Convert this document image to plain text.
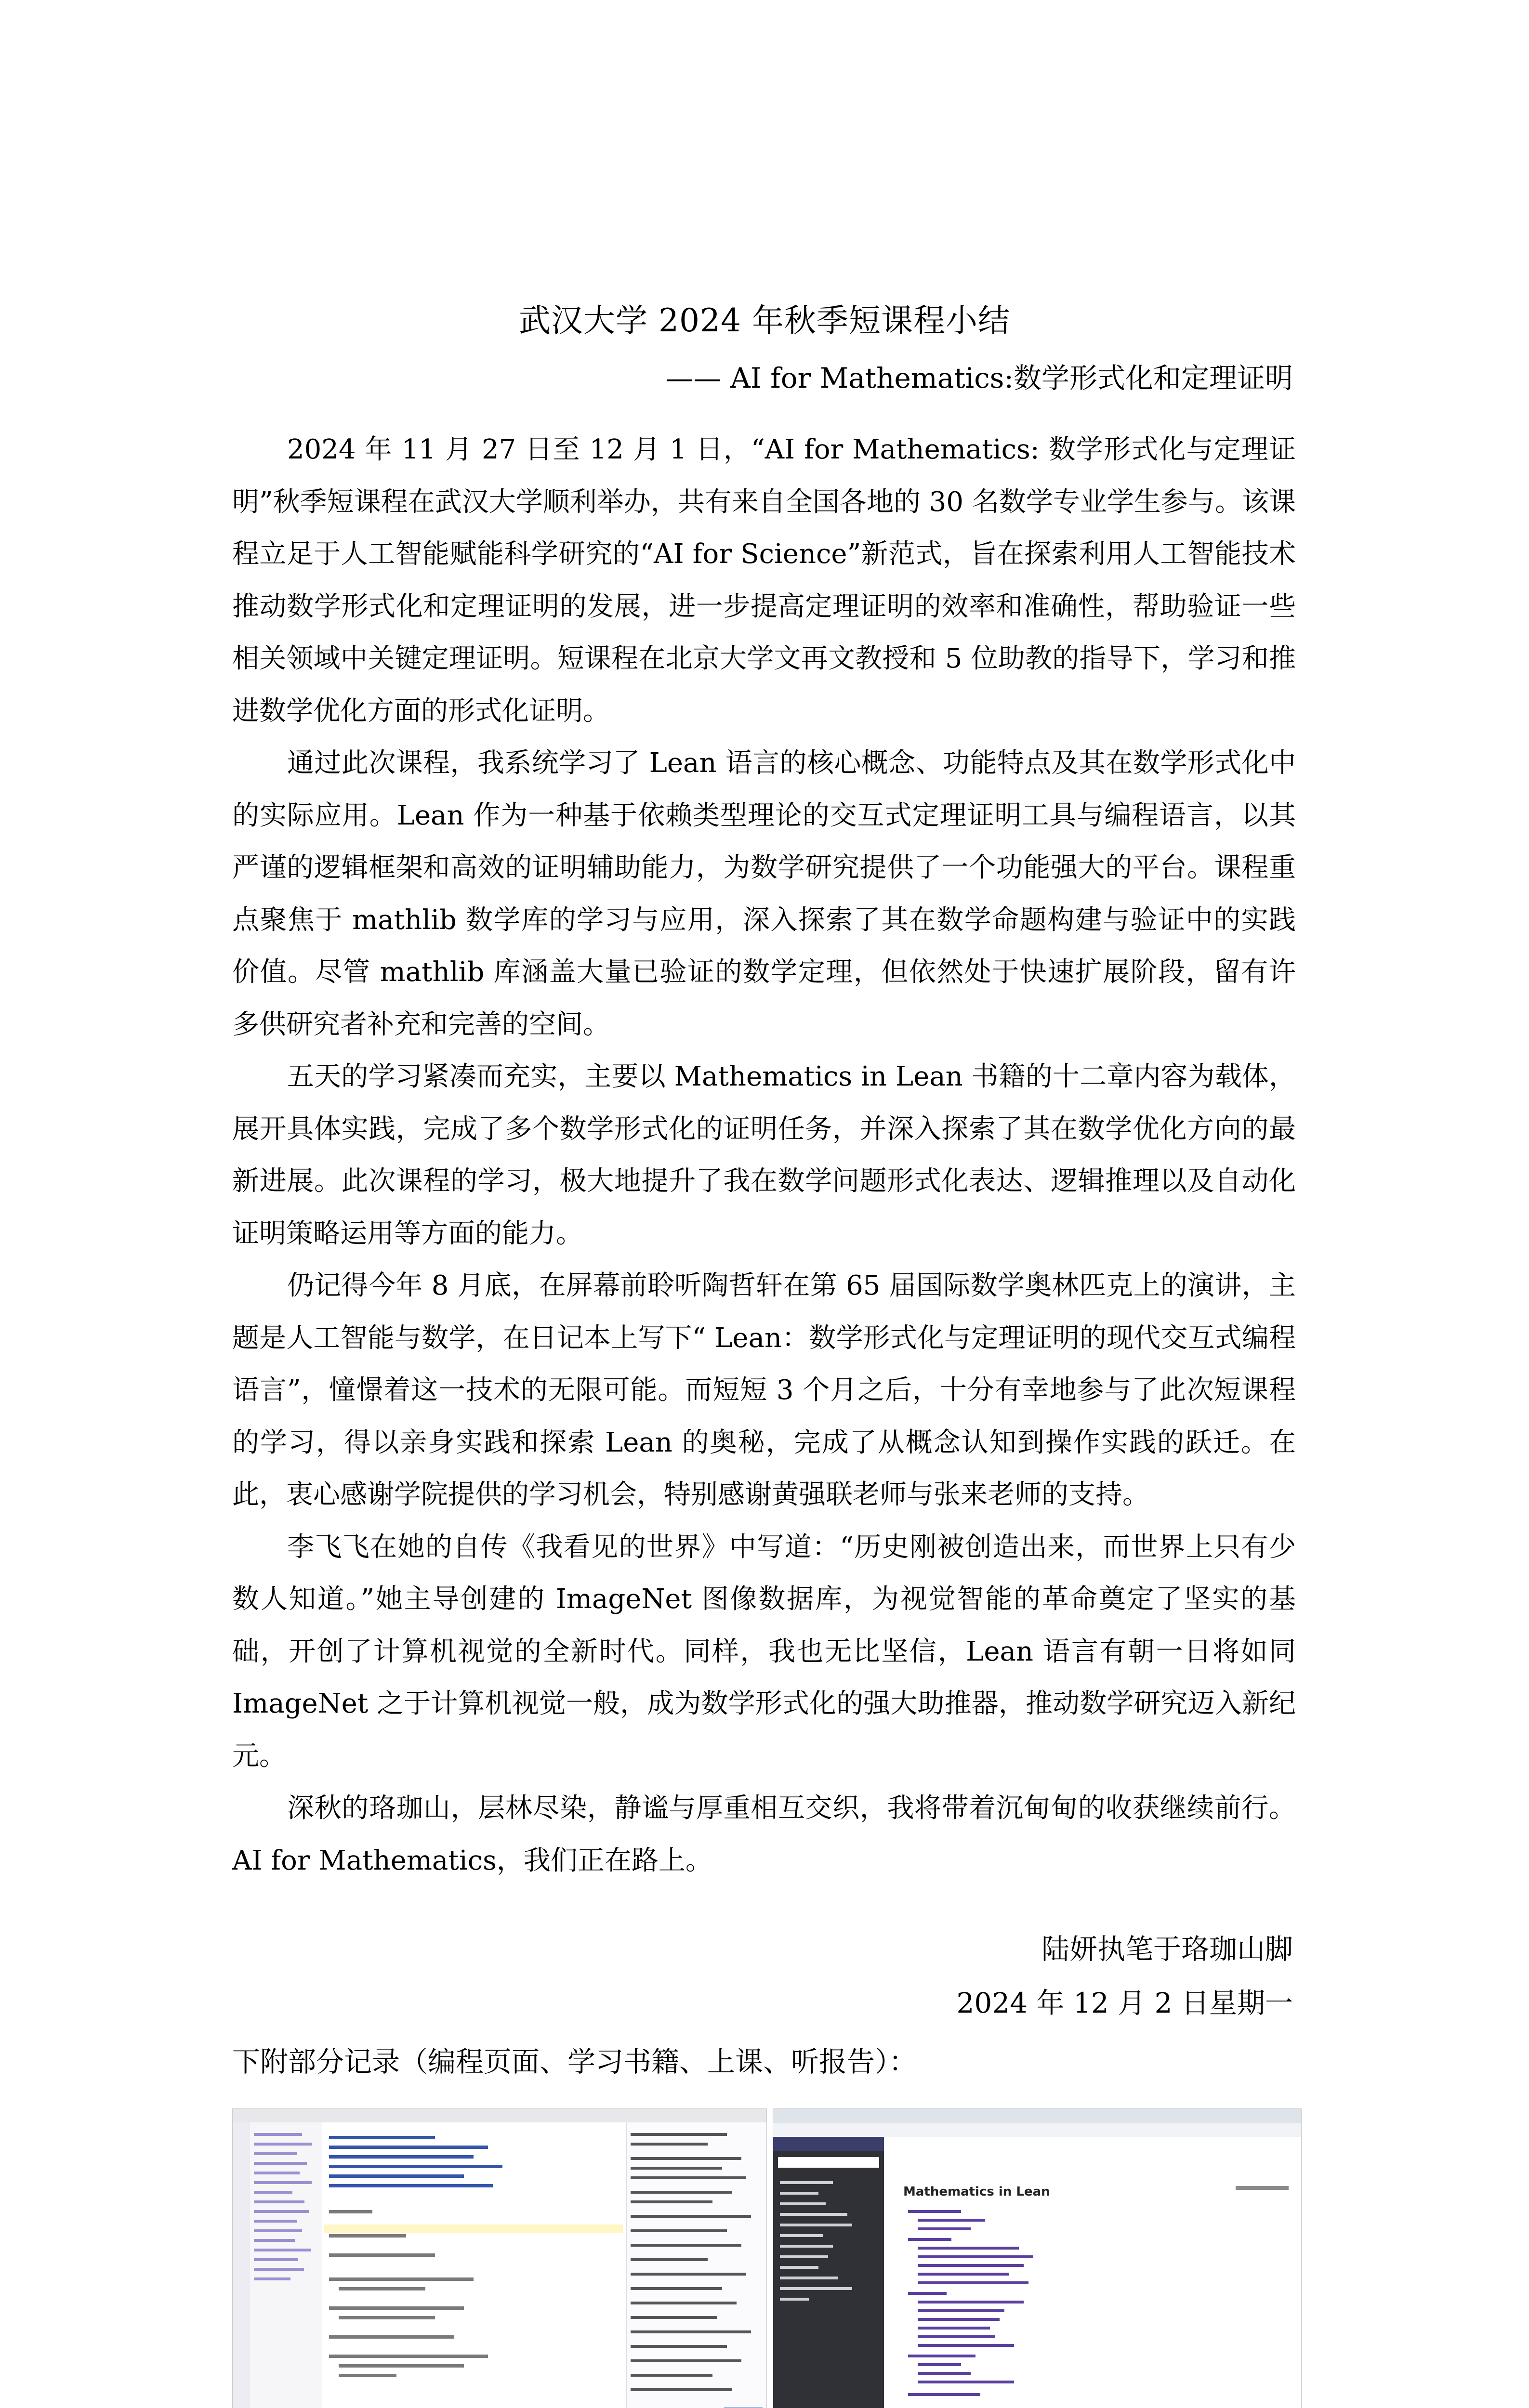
武汉大学 2024 年秋季短课程小结
—— AI for Mathematics:数学形式化和定理证明

2024 年 11 月 27 日至 12 月 1 日，“AI for Mathematics: 数学形式化与定理证明”秋季短课程在武汉大学顺利举办，共有来自全国各地的 30 名数学专业学生参与。该课程立足于人工智能赋能科学研究的“AI for Science”新范式，旨在探索利用人工智能技术推动数学形式化和定理证明的发展，进一步提高定理证明的效率和准确性，帮助验证一些相关领域中关键定理证明。短课程在北京大学文再文教授和 5 位助教的指导下，学习和推进数学优化方面的形式化证明。

通过此次课程，我系统学习了 Lean 语言的核心概念、功能特点及其在数学形式化中的实际应用。Lean 作为一种基于依赖类型理论的交互式定理证明工具与编程语言，以其严谨的逻辑框架和高效的证明辅助能力，为数学研究提供了一个功能强大的平台。课程重点聚焦于 mathlib 数学库的学习与应用，深入探索了其在数学命题构建与验证中的实践价值。尽管 mathlib 库涵盖大量已验证的数学定理，但依然处于快速扩展阶段，留有许多供研究者补充和完善的空间。

五天的学习紧凑而充实，主要以 Mathematics in Lean 书籍的十二章内容为载体，展开具体实践，完成了多个数学形式化的证明任务，并深入探索了其在数学优化方向的最新进展。此次课程的学习，极大地提升了我在数学问题形式化表达、逻辑推理以及自动化证明策略运用等方面的能力。

仍记得今年 8 月底，在屏幕前聆听陶哲轩在第 65 届国际数学奥林匹克上的演讲，主题是人工智能与数学，在日记本上写下“ Lean：数学形式化与定理证明的现代交互式编程语言”，憧憬着这一技术的无限可能。而短短 3 个月之后，十分有幸地参与了此次短课程的学习，得以亲身实践和探索 Lean 的奥秘，完成了从概念认知到操作实践的跃迁。在此，衷心感谢学院提供的学习机会，特别感谢黄强联老师与张来老师的支持。

李飞飞在她的自传《我看见的世界》中写道：“历史刚被创造出来，而世界上只有少数人知道。”她主导创建的 ImageNet 图像数据库，为视觉智能的革命奠定了坚实的基础，开创了计算机视觉的全新时代。同样，我也无比坚信，Lean 语言有朝一日将如同 ImageNet 之于计算机视觉一般，成为数学形式化的强大助推器，推动数学研究迈入新纪元。

深秋的珞珈山，层林尽染，静谧与厚重相互交织，我将带着沉甸甸的收获继续前行。AI for Mathematics，我们正在路上。

陆妍执笔于珞珈山脚
2024 年 12 月 2 日星期一
下附部分记录（编程页面、学习书籍、上课、听报告）：
Mathematics in Lean
